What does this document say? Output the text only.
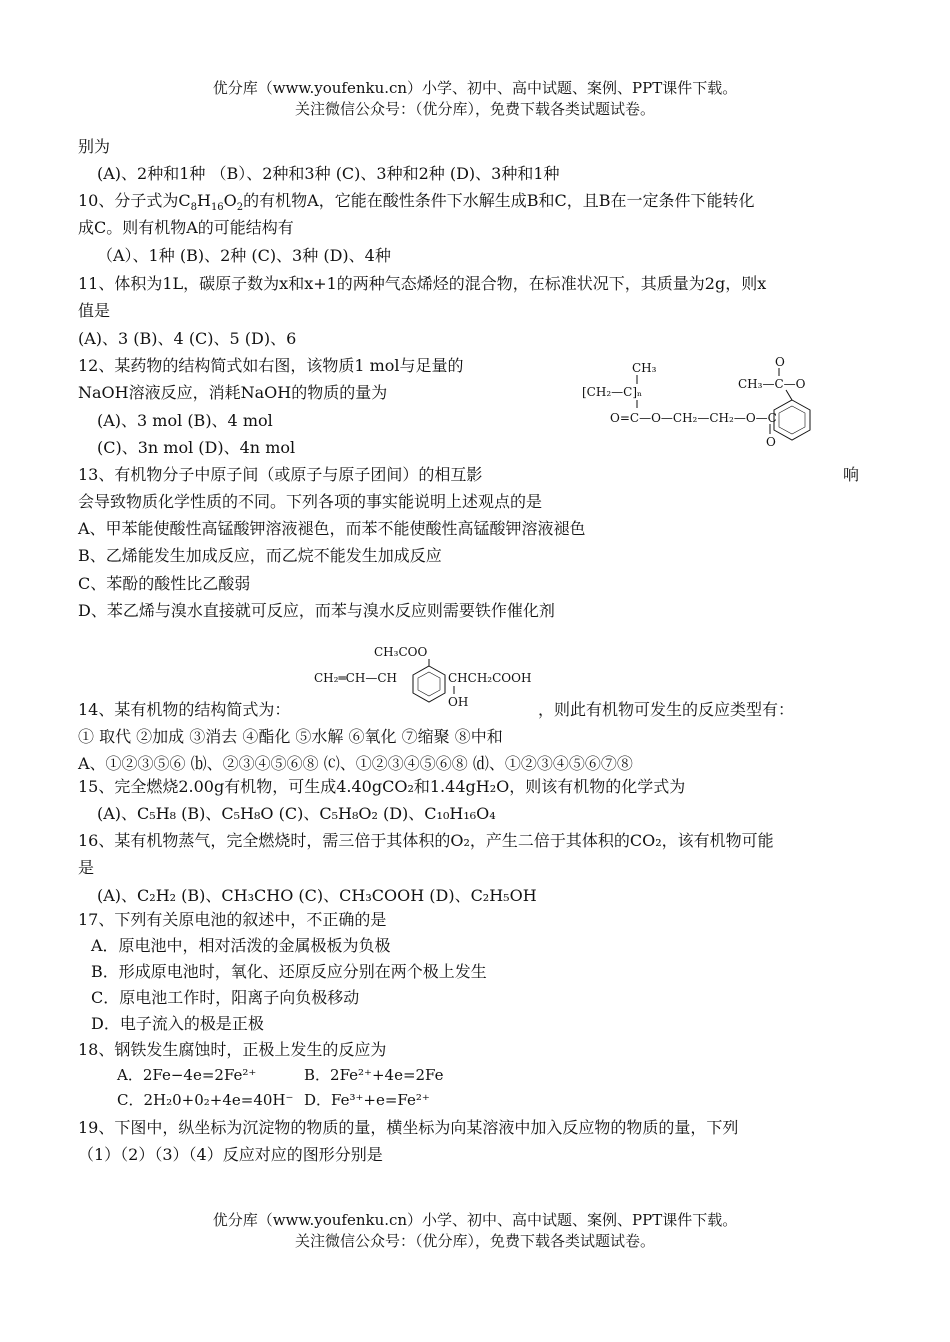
优分库（www.youfenku.cn）小学、初中、高中试题、案例、PPT课件下载。
关注微信公众号：（优分库），免费下载各类试题试卷。
别为
(A)、2种和1种 （B）、2种和3种 (C)、3种和2种 (D)、3种和1种
10、分子式为$C_8H_{16}O_2$的有机物A，它能在酸性条件下水解生成B和C，且B在一定条件下能转化
成C。则有机物A的可能结构有
（A）、1种 (B)、2种 (C)、3种 (D)、4种
11、体积为1L，碳原子数为x和x+1的两种气态烯烃的混合物，在标准状况下，其质量为2g，则x
值是
(A)、3 (B)、4 (C)、5 (D)、6
12、某药物的结构简式如右图，该物质1 mol与足量的
NaOH溶液反应，消耗NaOH的物质的量为
(A)、3 mol (B)、4 mol
(C)、3n mol (D)、4n mol
CH₃
[CH₂—C]ₙ
O=C—O—CH₂—CH₂—O—C
O
CH₃—C—O
O
13、有机物分子中原子间（或原子与原子团间）的相互影	响
会导致物质化学性质的不同。下列各项的事实能说明上述观点的是
A、甲苯能使酸性高锰酸钾溶液褪色，而苯不能使酸性高锰酸钾溶液褪色
B、乙烯能发生加成反应，而乙烷不能发生加成反应
C、苯酚的酸性比乙酸弱
D、苯乙烯与溴水直接就可反应，而苯与溴水反应则需要铁作催化剂
CH₃COO
CH₂═CH—CH	CHCH₂COOH
OH
14、某有机物的结构简式为：	，则此有机物可发生的反应类型有：
① 取代 ②加成 ③消去 ④酯化 ⑤水解 ⑥氧化 ⑦缩聚 ⑧中和
A、①②③⑤⑥ ⒝、②③④⑤⑥⑧ ⒞、①②③④⑤⑥⑧ ⒟、①②③④⑤⑥⑦⑧
15、完全燃烧2.00g有机物，可生成4.40gCO₂和1.44gH₂O，则该有机物的化学式为
(A)、C₅H₈ (B)、C₅H₈O (C)、C₅H₈O₂ (D)、C₁₀H₁₆O₄
16、某有机物蒸气，完全燃烧时，需三倍于其体积的O₂，产生二倍于其体积的CO₂，该有机物可能
是
(A)、C₂H₂ (B)、CH₃CHO (C)、CH₃COOH (D)、C₂H₅OH
17、下列有关原电池的叙述中，不正确的是
A．原电池中，相对活泼的金属极板为负极
B．形成原电池时，氧化、还原反应分别在两个极上发生
C．原电池工作时，阳离子向负极移动
D．电子流入的极是正极
18、钢铁发生腐蚀时，正极上发生的反应为
A．2Fe−4e=2Fe²⁺	B．2Fe²⁺+4e=2Fe
C．2H₂0+0₂+4e=40H⁻ D．Fe³⁺+e=Fe²⁺
19、下图中，纵坐标为沉淀物的物质的量，横坐标为向某溶液中加入反应物的物质的量，下列
（1）（2）（3）（4）反应对应的图形分别是
优分库（www.youfenku.cn）小学、初中、高中试题、案例、PPT课件下载。
关注微信公众号：（优分库），免费下载各类试题试卷。
